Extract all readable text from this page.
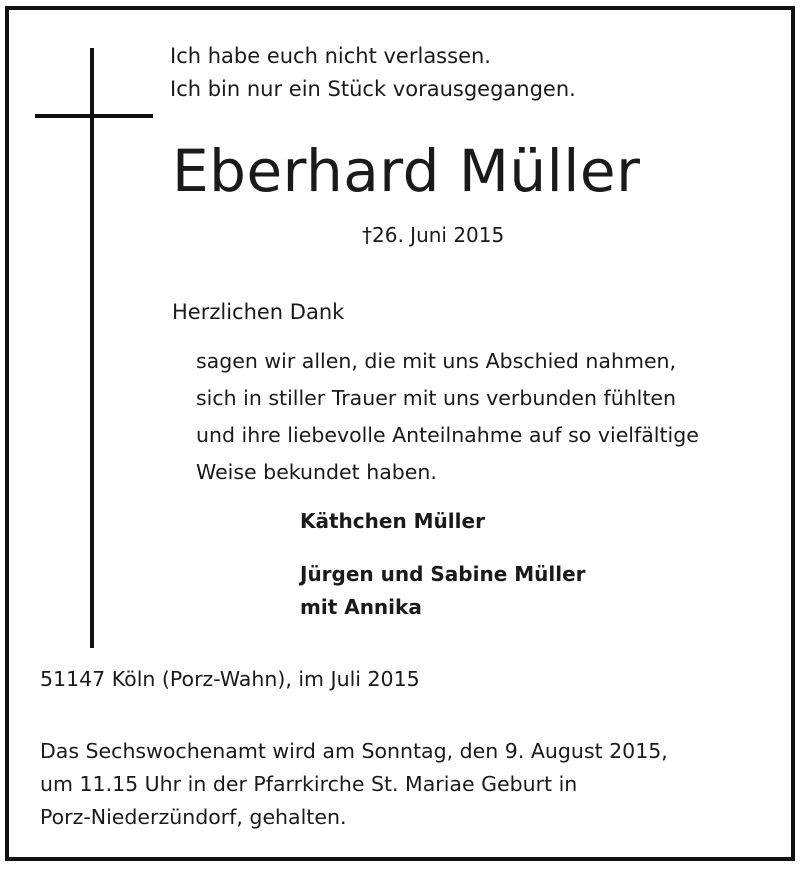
Ich habe euch nicht verlassen.
Ich bin nur ein Stück vorausgegangen.
Eberhard Müller
†26. Juni 2015
Herzlichen Dank
sagen wir allen, die mit uns Abschied nahmen,
sich in stiller Trauer mit uns verbunden fühlten
und ihre liebevolle Anteilnahme auf so vielfältige
Weise bekundet haben.
Käthchen Müller
Jürgen und Sabine Müller
mit Annika
51147 Köln (Porz-Wahn), im Juli 2015
Das Sechswochenamt wird am Sonntag, den 9. August 2015,
um 11.15 Uhr in der Pfarrkirche St. Mariae Geburt in
Porz-Niederzündorf, gehalten.
